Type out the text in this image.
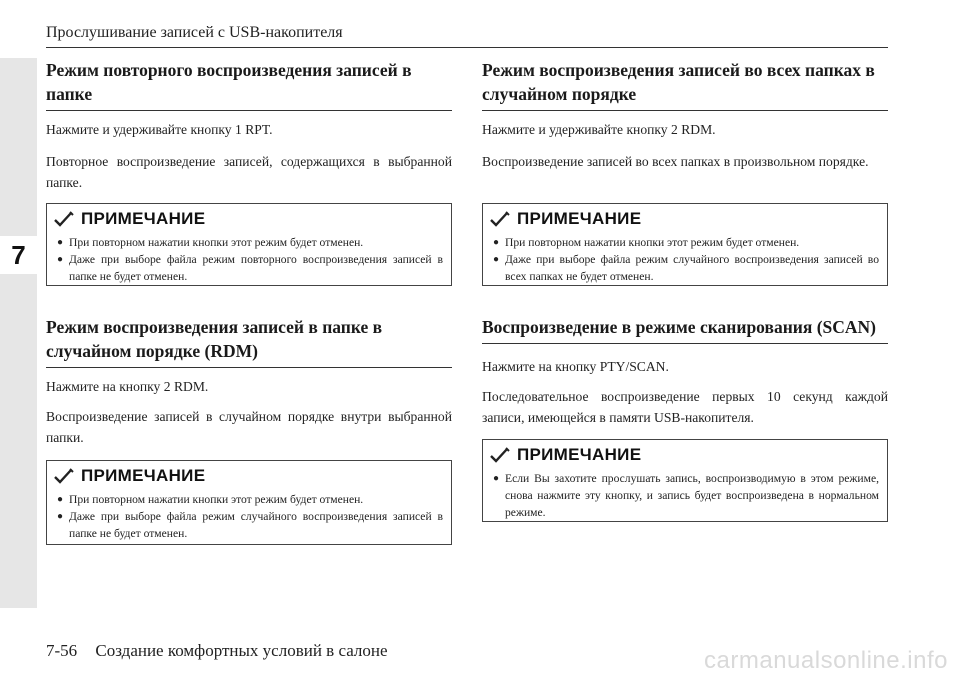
7
Прослушивание записей с USB-накопителя
Режим повторного воспроизведения записей в папке
Нажмите и удерживайте кнопку 1 RPT.
Повторное воспроизведение записей, содержащихся в выбранной папке.
ПРИМЕЧАНИЕ
● При повторном нажатии кнопки этот режим будет отменен.
● Даже при выборе файла режим повторного воспроизведения записей в папке не будет отменен.
Режим воспроизведения записей в папке в случайном порядке (RDM)
Нажмите на кнопку 2 RDM.
Воспроизведение записей в случайном порядке внутри выбранной папки.
ПРИМЕЧАНИЕ
● При повторном нажатии кнопки этот режим будет отменен.
● Даже при выборе файла режим случайного воспроизведения записей в папке не будет отменен.
Режим воспроизведения записей во всех папках в случайном порядке
Нажмите и удерживайте кнопку 2 RDM.
Воспроизведение записей во всех папках в произвольном порядке.
ПРИМЕЧАНИЕ
● При повторном нажатии кнопки этот режим будет отменен.
● Даже при выборе файла режим случайного воспроизведения записей во всех папках не будет отменен.
Воспроизведение в режиме сканирования (SCAN)
Нажмите на кнопку PTY/SCAN.
Последовательное воспроизведение первых 10 секунд каждой записи, имеющейся в памяти USB-накопителя.
ПРИМЕЧАНИЕ
● Если Вы захотите прослушать запись, воспроизводимую в этом режиме, снова нажмите эту кнопку, и запись будет воспроизведена в нормальном режиме.
7-56 Создание комфортных условий в салоне	carmanualsonline.info
